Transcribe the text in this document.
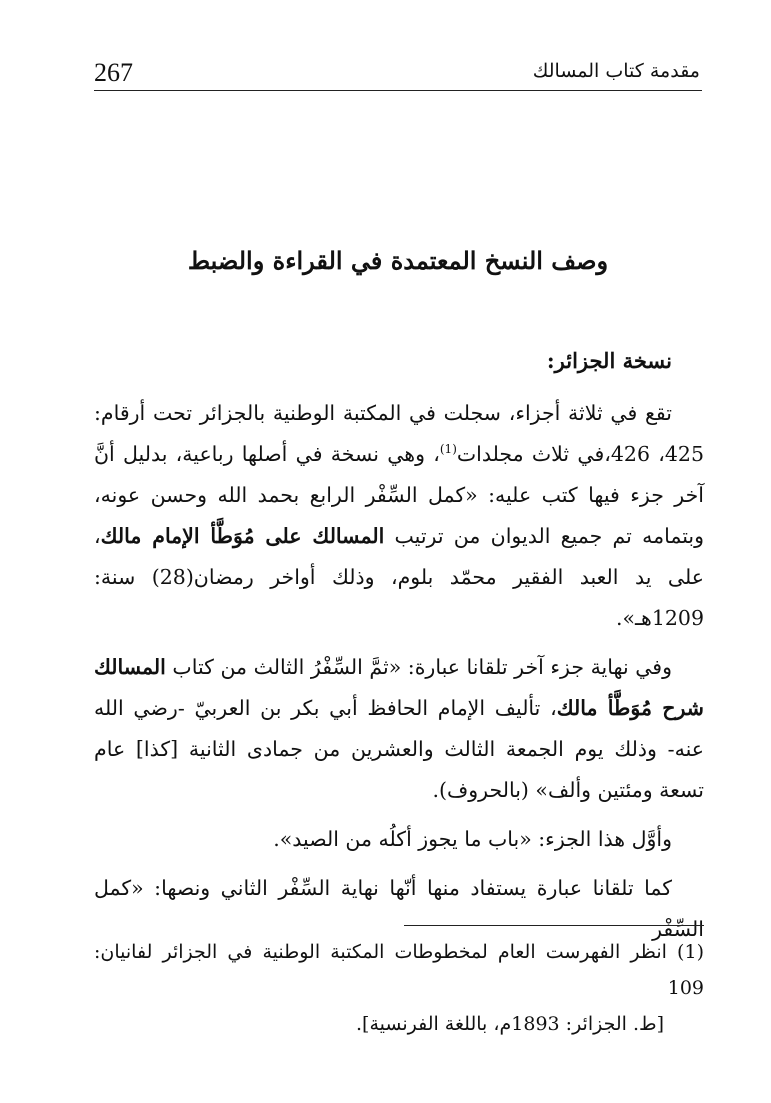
267	مقدمة كتاب المسالك
وصف النسخ المعتمدة في القراءة والضبط
نسخة الجزائر:

تقع في ثلاثة أجزاء، سجلت في المكتبة الوطنية بالجزائر تحت أرقام: 425، 426،في ثلاث مجلدات$^{(1)}$، وهي نسخة في أصلها رباعية، بدليل أنَّ آخر جزء فيها كتب عليه: «كمل السِّفْر الرابع بحمد الله وحسن عونه، وبتمامه تم جميع الديوان من ترتيب المسالك على مُوَطَّأ الإمام مالك، على يد العبد الفقير محمّد بلوم، وذلك أواخر رمضان(28) سنة: 1209هـ».

وفي نهاية جزء آخر تلقانا عبارة: «ثمَّ السِّفْرُ الثالث من كتاب المسالك شرح مُوَطَّأ مالك، تأليف الإمام الحافظ أبي بكر بن العربيّ -رضي الله عنه- وذلك يوم الجمعة الثالث والعشرين من جمادى الثانية [كذا] عام تسعة ومئتين وألف» (بالحروف).

وأوَّل هذا الجزء: «باب ما يجوز أكلُه من الصيد».

كما تلقانا عبارة يستفاد منها أنّها نهاية السِّفْر الثاني ونصها: «كمل السِّفْر

(1) انظر الفهرست العام لمخطوطات المكتبة الوطنية في الجزائر لفانيان: 109
[ط. الجزائر: 1893م، باللغة الفرنسية].
